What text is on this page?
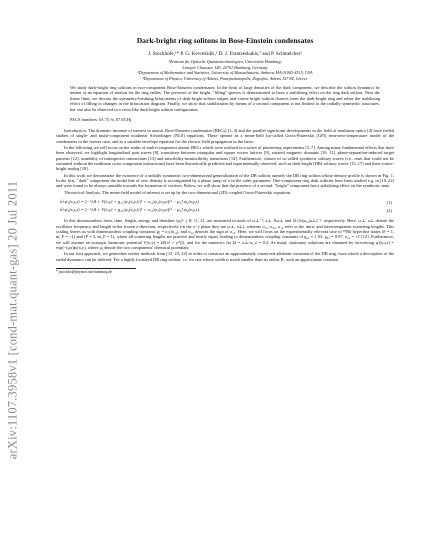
arXiv:1107.3958v1 [cond-mat.quant-gas] 20 Jul 2011
Dark-bright ring solitons in Bose-Einstein condensates
J. Stockhofe,¹* P. G. Kevrekidis,² D. J. Frantzeskakis,³ and P. Schmelcher¹
¹Zentrum für Optische Quantentechnologien, Universität Hamburg,
Luruper Chaussee 149, 22761 Hamburg, Germany
²Department of Mathematics and Statistics, University of Massachusetts, Amherst MA 01003-4515, USA
³Department of Physics, University of Athens, Panepistimiopolis, Zografos, Athens 157 84, Greece

We study dark-bright ring solitons in two-component Bose-Einstein condensates. In the limit of large densities of the dark component, we describe the soliton dynamics by means of an equation of motion for the ring radius. The presence of the bright, "filling" species is demonstrated to have a stabilizing effect on the ring dark soliton. Near the linear limit, we discuss the symmetry-breaking bifurcations of dark-bright soliton stripes and vortex-bright soliton clusters from the dark-bright ring and relate the stabilizing effect of filling to changes in the bifurcation diagram. Finally, we show that stabilization by means of a second component is not limited to the radially symmetric structures, but can also be observed in a cross-like dark-bright soliton configuration.

PACS numbers: 03.75.-b, 67.85.Hj

Introduction. The dramatic increase of interest in atomic Bose-Einstein condensates (BECs) [1–3] and the parallel significant developments in the field of nonlinear optics [4] have fueled studies of single- and multi-component nonlinear Schrödinger (NLS) equations. These operate as a mean-field (so-called Gross-Pitaevskii (GP)) near-zero-temperature model of the condensates in the former case, and as a suitable envelope equation for the electric field propagation in the latter.

In the following we will focus on the realm of multi-component atomic BECs which were realized in a series of pioneering experiments [5–7]. Among many fundamental effects that have been observed, we highlight longitudinal spin waves [8], transitions between triangular and square vortex lattices [9], striated magnetic domains [10, 11], phase-separation-induced target patterns [12], tunability of interspecies interactions [13] and miscibility-immiscibility transitions [14]. Furthermore, classes of so-called symbiotic solitary waves (i.e., ones that could not be sustained without the nonlinear cross-component interactions) have been theoretically predicted and experimentally observed, such as dark-bright (DB) solitary waves [15–17] and their vortex-bright analog [18].

In this work we demonstrate the existence of a radially symmetric two-dimensional generalization of the DB soliton, namely the DB ring soliton whose density profile is shown in Fig. 1. In the first, "dark" component the nodal line of zero density is accompanied by a phase jump of π in the order parameter. One-component ring dark solitons have been studied e.g. in [19–22] and were found to be always unstable towards the formation of vortices. Below, we will show that the presence of a second, "bright" component has a stabilizing effect on the symbiotic state.

Theoretical Analysis. The mean-field model of interest is set up by the two-dimensional (2D) coupled Gross-Pitaevskii equations

i∂ₜψ₁(x,y,t) = [−½Δ + V(x,y) + g₁₁|ψ₁(x,y,t)|² + σ₁₂|ψ₂(x,y,t)|² − μ₁] ψ₁(x,y,t)	(1)
i∂ₜψ₂(x,y,t) = [−½Δ + V(x,y) + g₂₂|ψ₂(x,y,t)|² + σ₁₂|ψ₁(x,y,t)|² − μ₂] ψ₂(x,y,t).	(2)

In this dimensionless form, time, length, energy and densities |ψⱼ|², j ∈ {1, 2}, are measured in units of ω⊥⁻¹, a⊥, ħω⊥ and (2√2π|a₁₂|a⊥)⁻¹, respectively. Here, ω⊥, a⊥ denote the oscillator frequency and length in the frozen z-direction, respectively (in the x−y plane they are ω⊥, a⊥), whereas σ₁₁, σ₂₂, σ₁₂ refer to the intra- and intercomponent scattering lengths. This scaling leaves us with dimensionless coupling constants gⱼ = σⱼⱼ/|σ₁₂|, and σ₁₂ denotes the sign of σ₁₂. Here, we will focus on the experimentally relevant case of ⁸⁷Rb hyperfine states (F = 1, m_F = −1) and (F = 2, m_F = 1), where all scattering lengths are positive and nearly equal, leading to dimensionless coupling constants of g₁₁ = 1.03, g₂₂ = 0.97, σ₁₂ = +1 [12]. Furthermore, we will assume an isotropic harmonic potential V(x,y) = Ω²(x² + y²)/2, and for the numerics fix Ω = ω⊥/ω_z = 0.2. As usual, stationary solutions are obtained by factorizing ψⱼ(x,y,t) = exp(−iμⱼt)ϕⱼ(x,y), where μⱼ denote the two components' chemical potentials.

In our first approach, we generalize earlier methods from [15, 23, 24] in order to construct an approximately conserved adiabatic invariant of the DB ring, from which a description of the radial dynamics can be inferred. For a highly localized DB ring soliton, i.e. for one whose width is much smaller than its radius R, such an approximate constant

* jstockho@physnet.uni-hamburg.de
